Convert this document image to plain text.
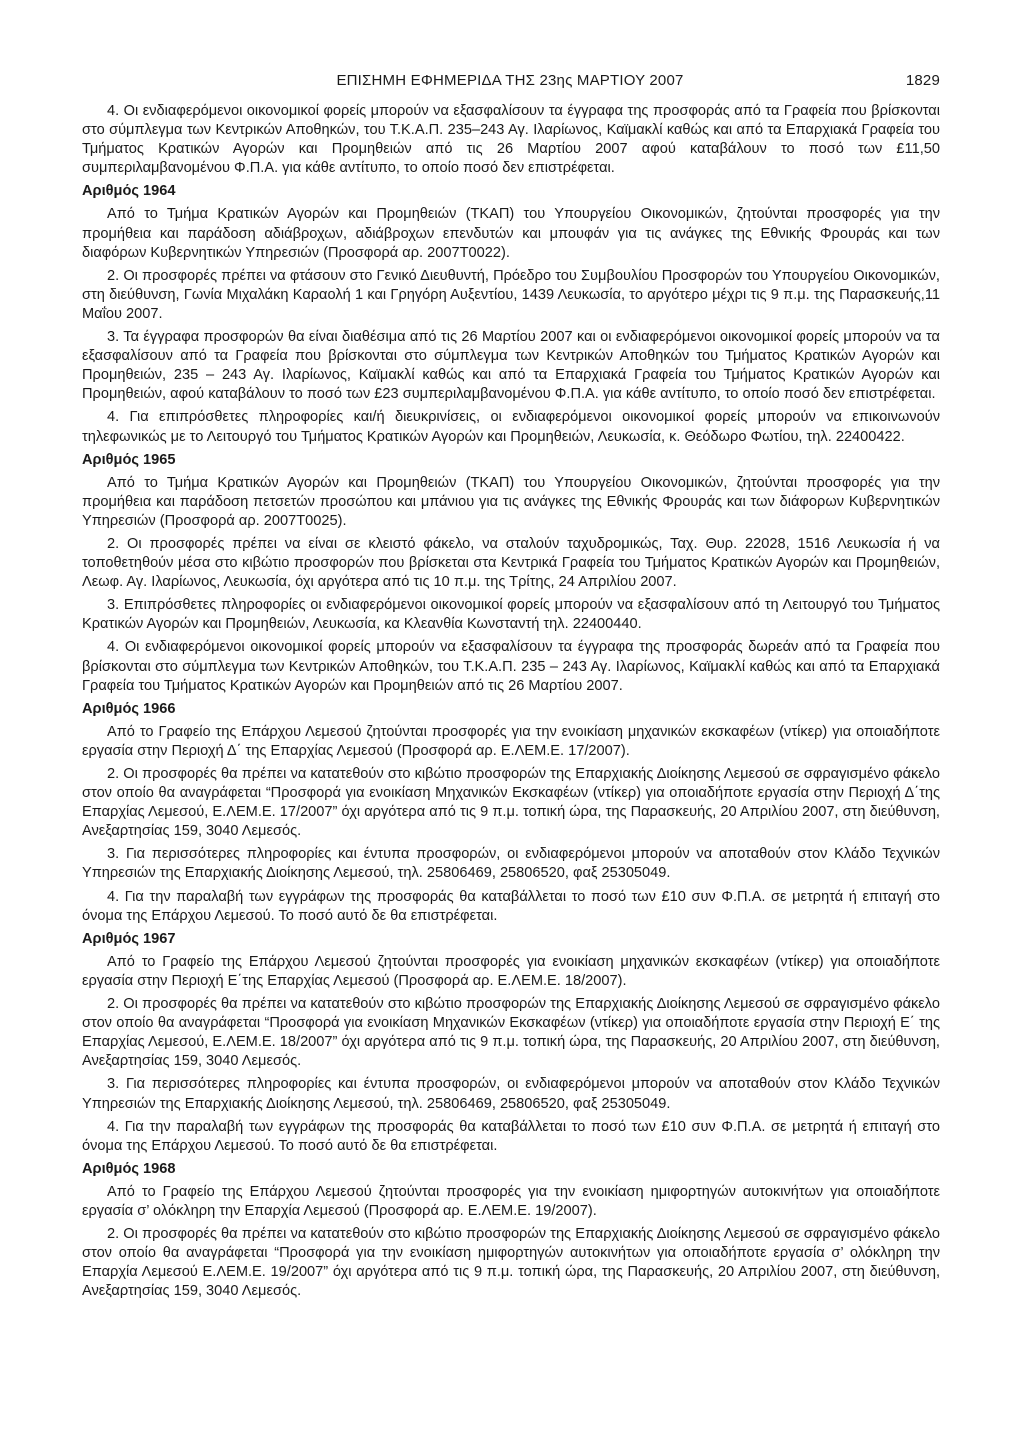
ΕΠΙΣΗΜΗ ΕΦΗΜΕΡΙΔΑ ΤΗΣ 23ης ΜΑΡΤΙΟΥ 2007	1829

4. Οι ενδιαφερόμενοι οικονομικοί φορείς μπορούν να εξασφαλίσουν τα έγγραφα της προσφοράς από τα Γραφεία που βρίσκονται στο σύμπλεγμα των Κεντρικών Αποθηκών, του Τ.Κ.Α.Π. 235–243 Αγ. Ιλαρίωνος, Καϊμακλί καθώς και από τα Επαρχιακά Γραφεία του Τμήματος Κρατικών Αγορών και Προμηθειών από τις 26 Μαρτίου 2007 αφού καταβάλουν το ποσό των £11,50 συμπεριλαμβανομένου Φ.Π.Α. για κάθε αντίτυπο, το οποίο ποσό δεν επιστρέφεται.

Αριθμός 1964

Από το Τμήμα Κρατικών Αγορών και Προμηθειών (ΤΚΑΠ) του Υπουργείου Οικονομικών, ζητούνται προσφορές για την προμήθεια και παράδοση αδιάβροχων, αδιάβροχων επενδυτών και μπουφάν για τις ανάγκες της Εθνικής Φρουράς και των διαφόρων Κυβερνητικών Υπηρεσιών (Προσφορά αρ. 2007Τ0022).

2. Οι προσφορές πρέπει να φτάσουν στο Γενικό Διευθυντή, Πρόεδρο του Συμβουλίου Προσφορών του Υπουργείου Οικονομικών, στη διεύθυνση, Γωνία Μιχαλάκη Καραολή 1 και Γρηγόρη Αυξεντίου, 1439 Λευκωσία, το αργότερο μέχρι τις 9 π.μ. της Παρασκευής,11 Μαΐου 2007.

3. Τα έγγραφα προσφορών θα είναι διαθέσιμα από τις 26 Μαρτίου 2007 και οι ενδιαφερόμενοι οικονομικοί φορείς μπορούν να τα εξασφαλίσουν από τα Γραφεία που βρίσκονται στο σύμπλεγμα των Κεντρικών Αποθηκών του Τμήματος Κρατικών Αγορών και Προμηθειών, 235 – 243 Αγ. Ιλαρίωνος, Καϊμακλί καθώς και από τα Επαρχιακά Γραφεία του Τμήματος Κρατικών Αγορών και Προμηθειών, αφού καταβάλουν το ποσό των £23 συμπεριλαμβανομένου Φ.Π.Α. για κάθε αντίτυπο, το οποίο ποσό δεν επιστρέφεται.

4. Για επιπρόσθετες πληροφορίες και/ή διευκρινίσεις, οι ενδιαφερόμενοι οικονομικοί φορείς μπορούν να επικοινωνούν τηλεφωνικώς με το Λειτουργό του Τμήματος Κρατικών Αγορών και Προμηθειών, Λευκωσία, κ. Θεόδωρο Φωτίου, τηλ. 22400422.

Αριθμός 1965

Από το Τμήμα Κρατικών Αγορών και Προμηθειών (ΤΚΑΠ) του Υπουργείου Οικονομικών, ζητούνται προσφορές για την προμήθεια και παράδοση πετσετών προσώπου και μπάνιου για τις ανάγκες της Εθνικής Φρουράς και των διάφορων Κυβερνητικών Υπηρεσιών (Προσφορά αρ. 2007Τ0025).

2. Οι προσφορές πρέπει να είναι σε κλειστό φάκελο, να σταλούν ταχυδρομικώς, Ταχ. Θυρ. 22028, 1516 Λευκωσία ή να τοποθετηθούν μέσα στο κιβώτιο προσφορών που βρίσκεται στα Κεντρικά Γραφεία του Τμήματος Κρατικών Αγορών και Προμηθειών, Λεωφ. Αγ. Ιλαρίωνος, Λευκωσία, όχι αργότερα από τις 10 π.μ. της Τρίτης, 24 Απριλίου 2007.

3. Επιπρόσθετες πληροφορίες οι ενδιαφερόμενοι οικονομικοί φορείς μπορούν να εξασφαλίσουν από τη Λειτουργό του Τμήματος Κρατικών Αγορών και Προμηθειών, Λευκωσία, κα Κλεανθία Κωνσταντή τηλ. 22400440.

4. Οι ενδιαφερόμενοι οικονομικοί φορείς μπορούν να εξασφαλίσουν τα έγγραφα της προσφοράς δωρεάν από τα Γραφεία που βρίσκονται στο σύμπλεγμα των Κεντρικών Αποθηκών, του Τ.Κ.Α.Π. 235 – 243 Αγ. Ιλαρίωνος, Καϊμακλί καθώς και από τα Επαρχιακά Γραφεία του Τμήματος Κρατικών Αγορών και Προμηθειών από τις 26 Μαρτίου 2007.

Αριθμός 1966

Από το Γραφείο της Επάρχου Λεμεσού ζητούνται προσφορές για την ενοικίαση μηχανικών εκσκαφέων (ντίκερ) για οποιαδήποτε εργασία στην Περιοχή Δ΄ της Επαρχίας Λεμεσού (Προσφορά αρ. Ε.ΛΕΜ.Ε. 17/2007).

2. Οι προσφορές θα πρέπει να κατατεθούν στο κιβώτιο προσφορών της Επαρχιακής Διοίκησης Λεμεσού σε σφραγισμένο φάκελο στον οποίο θα αναγράφεται “Προσφορά για ενοικίαση Μηχανικών Εκσκαφέων (ντίκερ) για οποιαδήποτε εργασία στην Περιοχή Δ΄της Επαρχίας Λεμεσού, Ε.ΛΕΜ.Ε. 17/2007” όχι αργότερα από τις 9 π.μ. τοπική ώρα, της Παρασκευής, 20 Απριλίου 2007, στη διεύθυνση, Ανεξαρτησίας 159, 3040 Λεμεσός.

3. Για περισσότερες πληροφορίες και έντυπα προσφορών, οι ενδιαφερόμενοι μπορούν να αποταθούν στον Κλάδο Τεχνικών Υπηρεσιών της Επαρχιακής Διοίκησης Λεμεσού, τηλ. 25806469, 25806520, φαξ 25305049.

4. Για την παραλαβή των εγγράφων της προσφοράς θα καταβάλλεται το ποσό των £10 συν Φ.Π.Α. σε μετρητά ή επιταγή στο όνομα της Επάρχου Λεμεσού. Το ποσό αυτό δε θα επιστρέφεται.

Αριθμός 1967

Από το Γραφείο της Επάρχου Λεμεσού ζητούνται προσφορές για ενοικίαση μηχανικών εκσκαφέων (ντίκερ) για οποιαδήποτε εργασία στην Περιοχή Ε΄της Επαρχίας Λεμεσού (Προσφορά αρ. Ε.ΛΕΜ.Ε. 18/2007).

2. Οι προσφορές θα πρέπει να κατατεθούν στο κιβώτιο προσφορών της Επαρχιακής Διοίκησης Λεμεσού σε σφραγισμένο φάκελο στον οποίο θα αναγράφεται “Προσφορά για ενοικίαση Μηχανικών Εκσκαφέων (ντίκερ) για οποιαδήποτε εργασία στην Περιοχή Ε΄ της Επαρχίας Λεμεσού, Ε.ΛΕΜ.Ε. 18/2007” όχι αργότερα από τις 9 π.μ. τοπική ώρα, της Παρασκευής, 20 Απριλίου 2007, στη διεύθυνση, Ανεξαρτησίας 159, 3040 Λεμεσός.

3. Για περισσότερες πληροφορίες και έντυπα προσφορών, οι ενδιαφερόμενοι μπορούν να αποταθούν στον Κλάδο Τεχνικών Υπηρεσιών της Επαρχιακής Διοίκησης Λεμεσού, τηλ. 25806469, 25806520, φαξ 25305049.

4. Για την παραλαβή των εγγράφων της προσφοράς θα καταβάλλεται το ποσό των £10 συν Φ.Π.Α. σε μετρητά ή επιταγή στο όνομα της Επάρχου Λεμεσού. Το ποσό αυτό δε θα επιστρέφεται.

Αριθμός 1968

Από το Γραφείο της Επάρχου Λεμεσού ζητούνται προσφορές για την ενοικίαση ημιφορτηγών αυτοκινήτων για οποιαδήποτε εργασία σ’ ολόκληρη την Επαρχία Λεμεσού (Προσφορά αρ. Ε.ΛΕΜ.Ε. 19/2007).

2. Οι προσφορές θα πρέπει να κατατεθούν στο κιβώτιο προσφορών της Επαρχιακής Διοίκησης Λεμεσού σε σφραγισμένο φάκελο στον οποίο θα αναγράφεται “Προσφορά για την ενοικίαση ημιφορτηγών αυτοκινήτων για οποιαδήποτε εργασία σ’ ολόκληρη την Επαρχία Λεμεσού Ε.ΛΕΜ.Ε. 19/2007” όχι αργότερα από τις 9 π.μ. τοπική ώρα, της Παρασκευής, 20 Απριλίου 2007, στη διεύθυνση, Ανεξαρτησίας 159, 3040 Λεμεσός.
